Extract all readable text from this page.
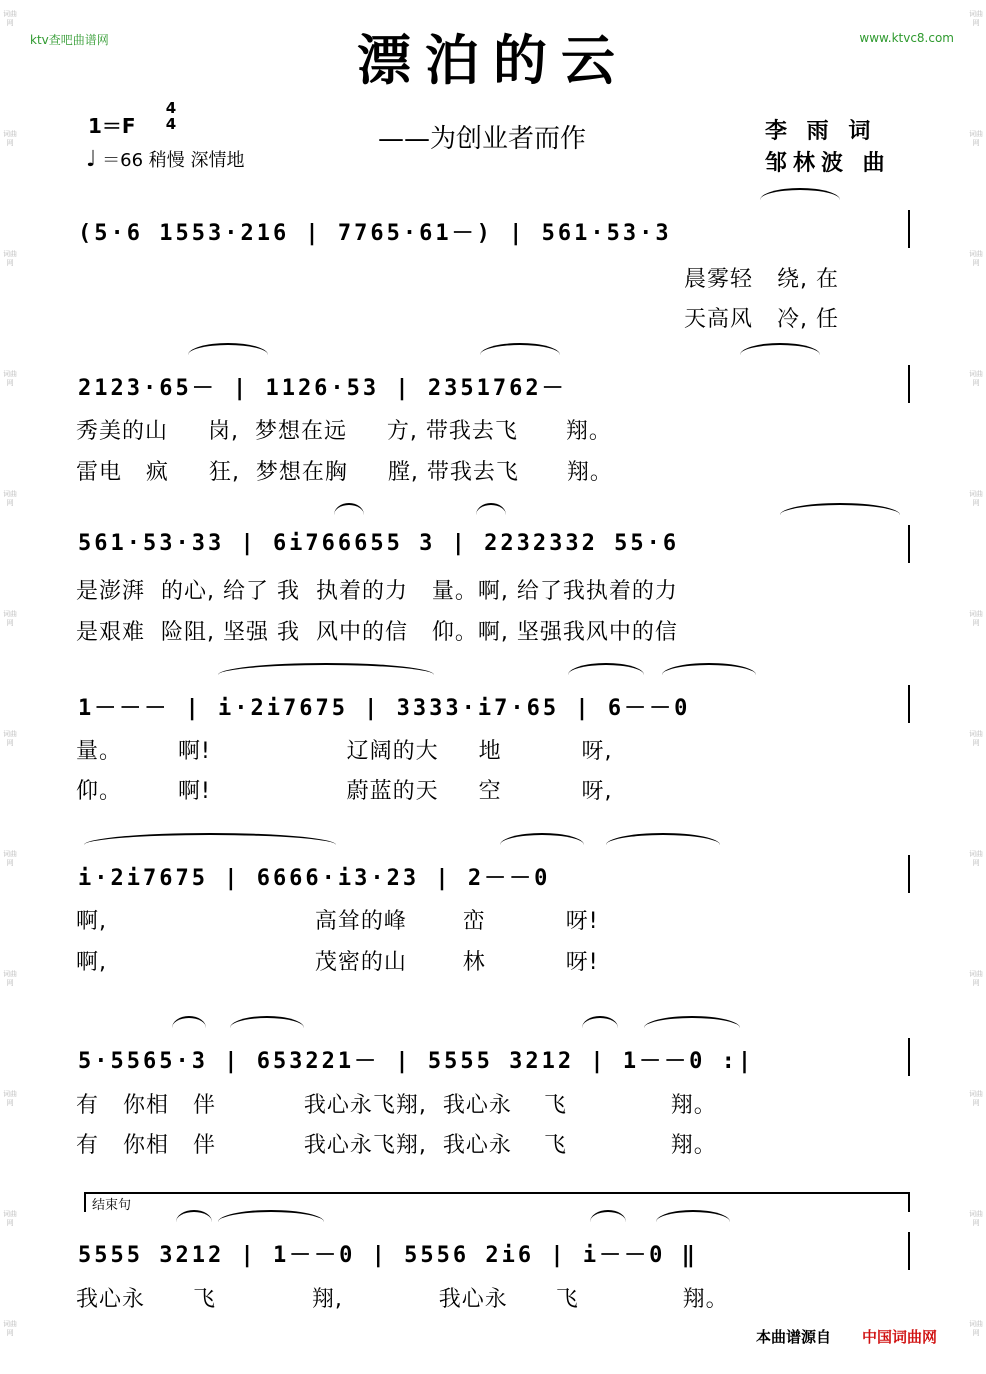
词曲网
词曲网
词曲网
词曲网
词曲网
词曲网
词曲网
词曲网
词曲网
词曲网
词曲网
词曲网
词曲网
词曲网
词曲网
词曲网
词曲网
词曲网
词曲网
词曲网
词曲网
词曲网
词曲网
词曲网
ktv查吧曲谱网	www.ktvc8.com
漂泊的云
1＝F
4
4
♩ ＝66 稍慢 深情地
——为创业者而作	李 雨 词
邹林波 曲
(5·6 1553·216 | 7765·61－) | 561·53·3
晨雾轻   绕, 在
天高风   冷, 任
2123·65－ | 1126·53 | 2351762－
秀美的山     岗,  梦想在远     方, 带我去飞      翔。
雷电   疯     狂,  梦想在胸     膛, 带我去飞      翔。
561·53·33 | 6i766655 3 | 2232332 55·6
是澎湃  的心, 给了 我  执着的力   量。啊, 给了我执着的力
是艰难  险阻, 坚强 我  风中的信   仰。啊, 坚强我风中的信
1－－－ | i·2i7675 | 3333·i7·65 | 6－－0
量。       啊!                 辽阔的大     地          呀,
仰。       啊!                 蔚蓝的天     空          呀,
i·2i7675 | 6666·i3·23 | 2－－0
啊,                          高耸的峰       峦          呀!
啊,                          茂密的山       林          呀!
5·5565·3 | 653221－ | 5555 3212 | 1－－0 :|
有   你相   伴           我心永飞翔,  我心永    飞             翔。
有   你相   伴           我心永飞翔,  我心永    飞             翔。
结束句
5555 3212 | 1－－0 | 5556 2i6 | i－－0 ‖
我心永      飞            翔,            我心永      飞             翔。
本曲谱源自 中国词曲网
